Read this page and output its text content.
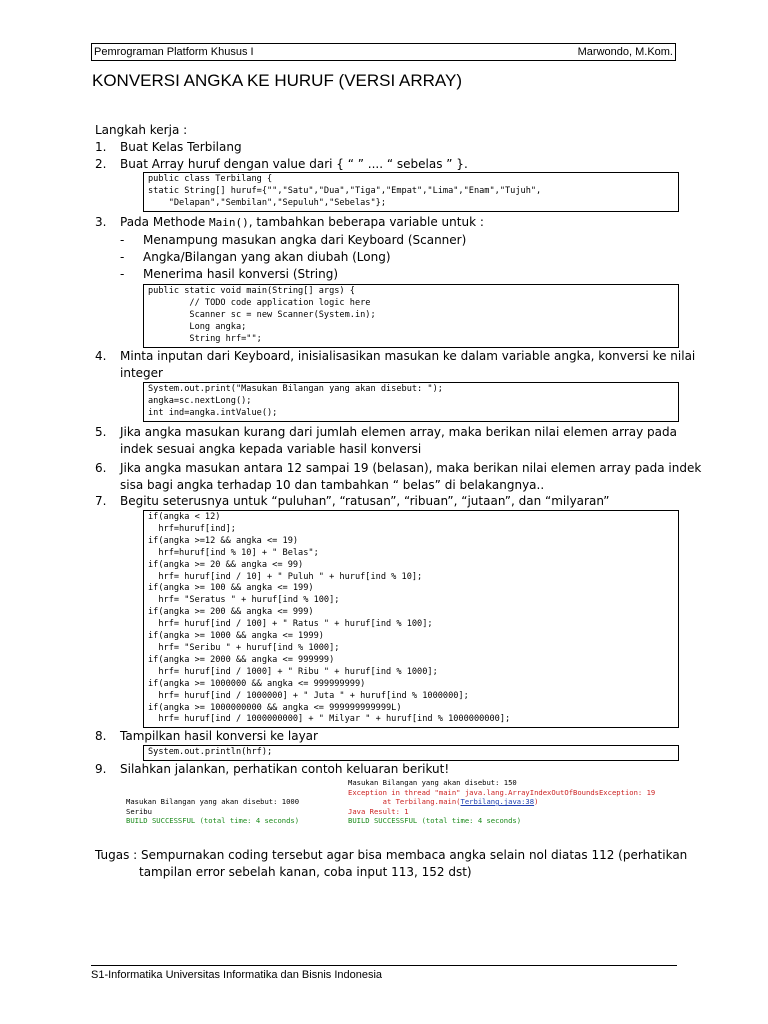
Pemrograman Platform Khusus I	Marwondo, M.Kom.
KONVERSI ANGKA KE HURUF (VERSI ARRAY)
Langkah kerja :
1. Buat Kelas Terbilang
2. Buat Array huruf dengan value dari { “ ” .... “ sebelas ” }.
public class Terbilang {
static String[] huruf={"","Satu","Dua","Tiga","Empat","Lima","Enam","Tujuh",
"Delapan","Sembilan","Sepuluh","Sebelas"};
3. Pada Methode Main(), tambahkan beberapa variable untuk :
- Menampung masukan angka dari Keyboard (Scanner)
- Angka/Bilangan yang akan diubah (Long)
- Menerima hasil konversi (String)
public static void main(String[] args) {
// TODO code application logic here
Scanner sc = new Scanner(System.in);
Long angka;
String hrf="";
4. Minta inputan dari Keyboard, inisialisasikan masukan ke dalam variable angka, konversi ke nilai
integer
System.out.print("Masukan Bilangan yang akan disebut: ");
angka=sc.nextLong();
int ind=angka.intValue();
5. Jika angka masukan kurang dari jumlah elemen array, maka berikan nilai elemen array pada
indek sesuai angka kepada variable hasil konversi
6. Jika angka masukan antara 12 sampai 19 (belasan), maka berikan nilai elemen array pada indek
sisa bagi angka terhadap 10 dan tambahkan “ belas” di belakangnya..
7. Begitu seterusnya untuk “puluhan”, “ratusan”, “ribuan”, “jutaan”, dan “milyaran”
if(angka < 12)
hrf=huruf[ind];
if(angka >=12 && angka <= 19)
hrf=huruf[ind % 10] + " Belas";
if(angka >= 20 && angka <= 99)
hrf= huruf[ind / 10] + " Puluh " + huruf[ind % 10];
if(angka >= 100 && angka <= 199)
hrf= "Seratus " + huruf[ind % 100];
if(angka >= 200 && angka <= 999)
hrf= huruf[ind / 100] + " Ratus " + huruf[ind % 100];
if(angka >= 1000 && angka <= 1999)
hrf= "Seribu " + huruf[ind % 1000];
if(angka >= 2000 && angka <= 999999)
hrf= huruf[ind / 1000] + " Ribu " + huruf[ind % 1000];
if(angka >= 1000000 && angka <= 999999999)
hrf= huruf[ind / 1000000] + " Juta " + huruf[ind % 1000000];
if(angka >= 1000000000 && angka <= 999999999999L)
hrf= huruf[ind / 1000000000] + " Milyar " + huruf[ind % 1000000000];
8. Tampilkan hasil konversi ke layar
System.out.println(hrf);
9. Silahkan jalankan, perhatikan contoh keluaran berikut!
Masukan Bilangan yang akan disebut: 1000
Seribu
BUILD SUCCESSFUL (total time: 4 seconds)
Masukan Bilangan yang akan disebut: 150
Exception in thread "main" java.lang.ArrayIndexOutOfBoundsException: 19
at Terbilang.main(Terbilang.java:38)
Java Result: 1
BUILD SUCCESSFUL (total time: 4 seconds)
Tugas : Sempurnakan coding tersebut agar bisa membaca angka selain nol diatas 112 (perhatikan
tampilan error sebelah kanan, coba input 113, 152 dst)
S1-Informatika Universitas Informatika dan Bisnis Indonesia
